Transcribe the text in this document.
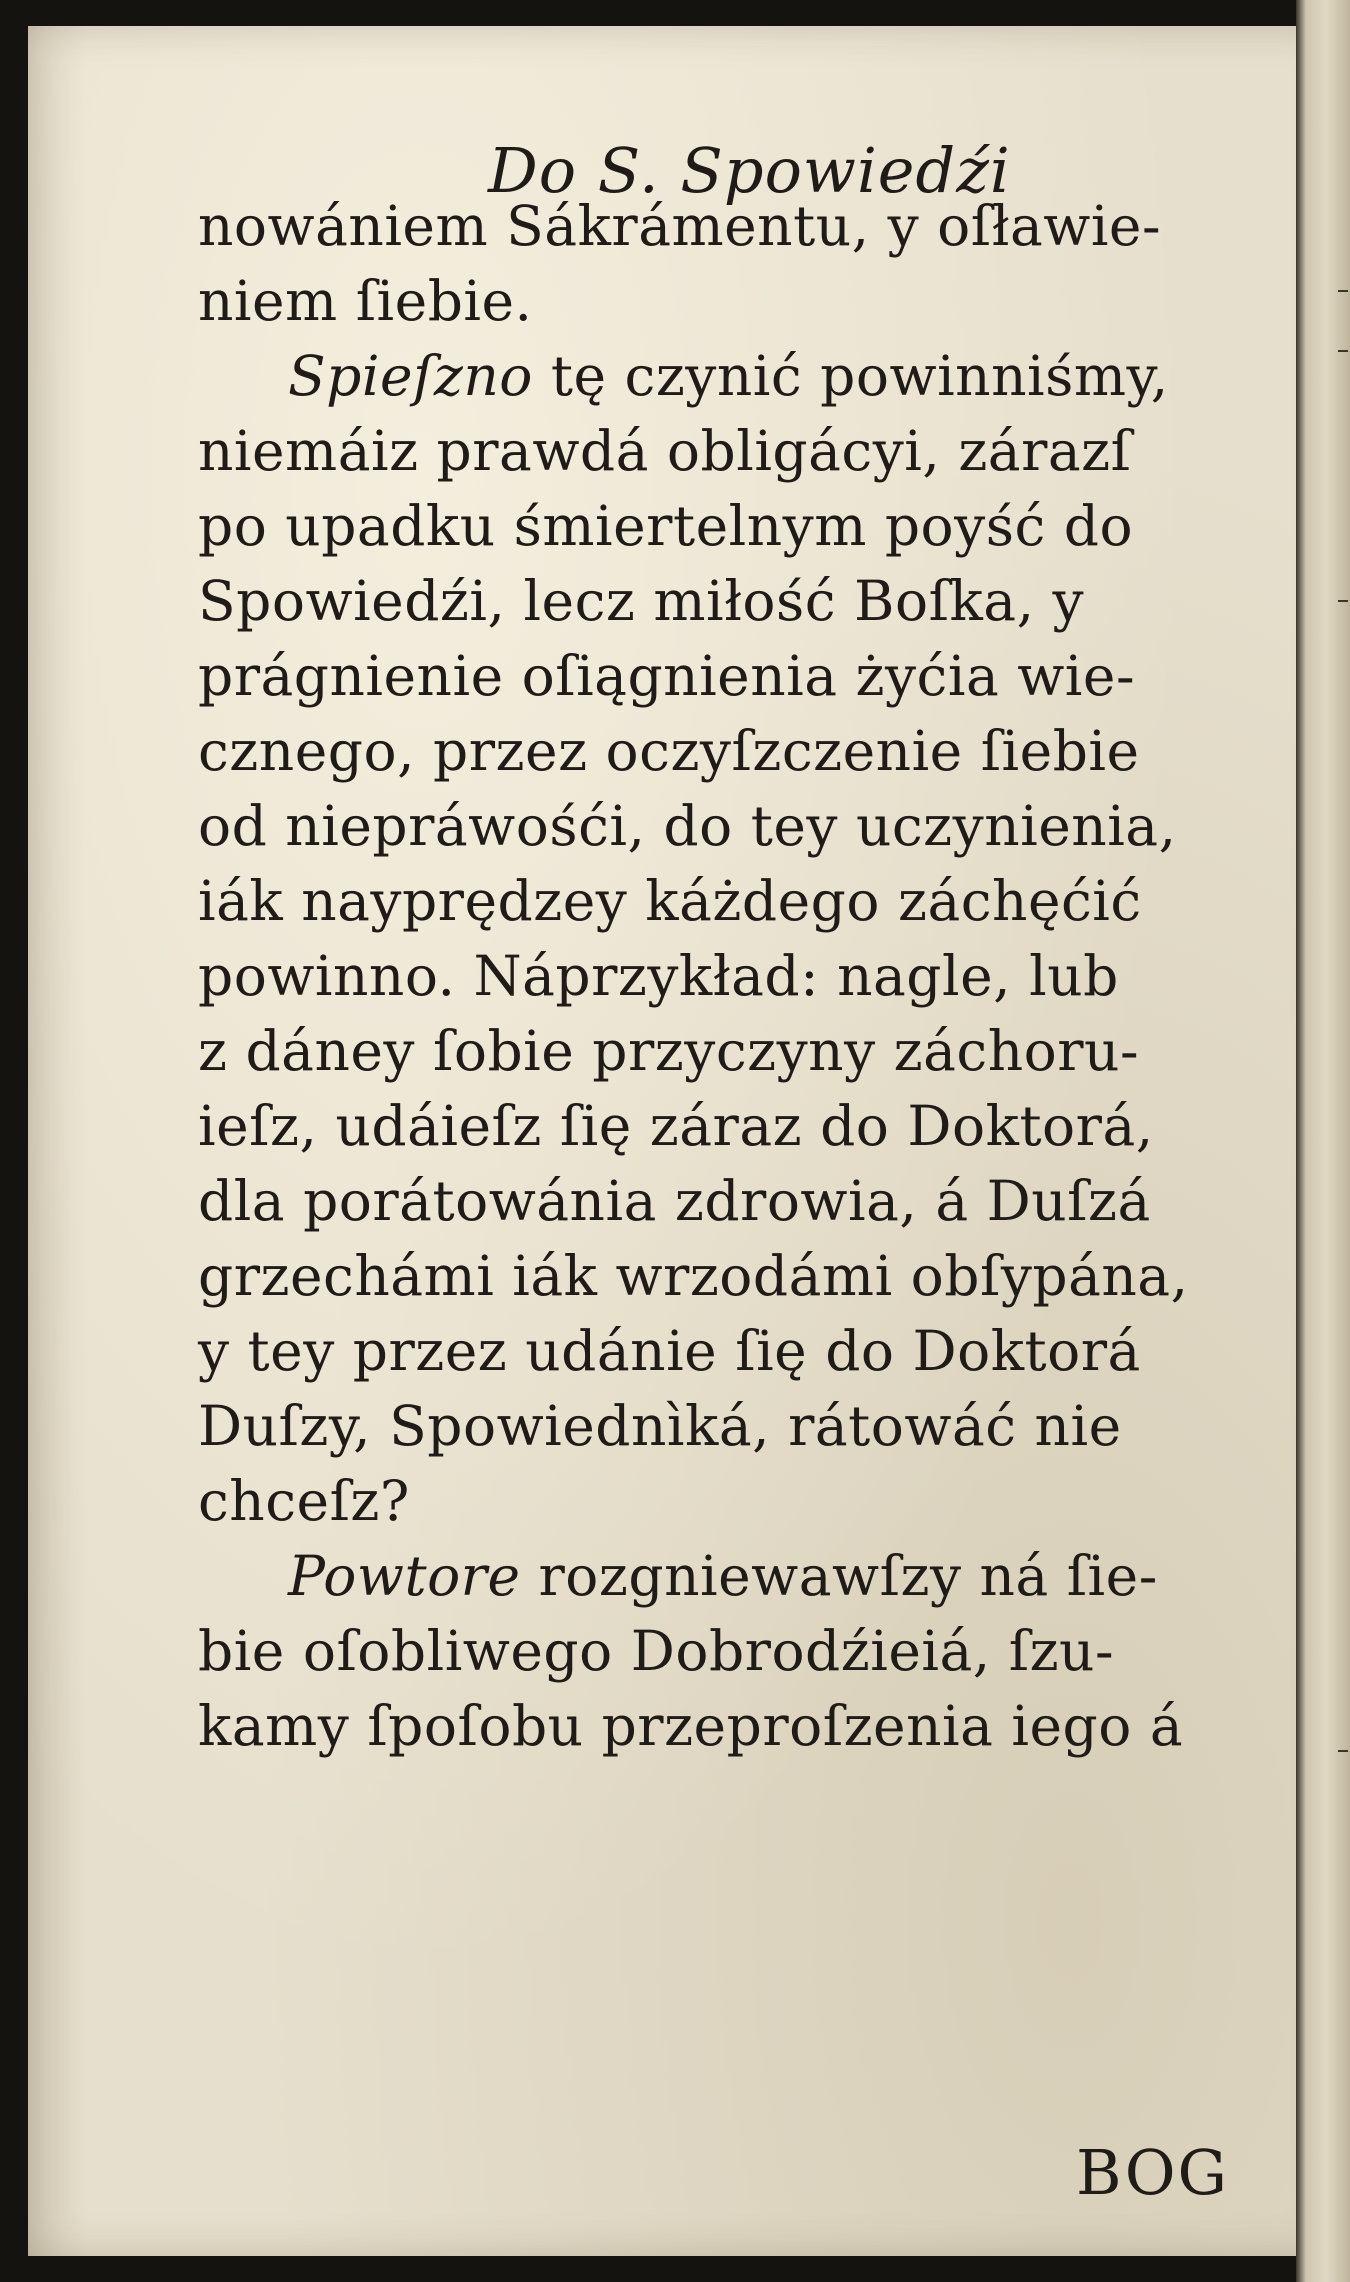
Do S. Spowiedźi
nowániem Sákrámentu, y oſławie-
niem ſiebie.
Spieſzno tę czynić powinniśmy,
niemáiz prawdá obligácyi, zárazſ
po upadku śmiertelnym poyść do
Spowiedźi, lecz miłość Boſka, y
prágnienie oſiągnienia żyćia wie-
cznego, przez oczyſzczenie ſiebie
od niepráwośći, do tey uczynienia,
iák nayprędzey káżdego záchęćić
powinno. Náprzykład: nagle, lub
z dáney ſobie przyczyny záchoru-
ieſz, udáieſz ſię záraz do Doktorá,
dla porátowánia zdrowia, á Duſzá
grzechámi iák wrzodámi obſypána,
y tey przez udánie ſię do Doktorá
Duſzy, Spowiednìká, rátowáć nie
chceſz?
Powtore rozgniewawſzy ná ſie-
bie oſobliwego Dobrodźieiá, ſzu-
kamy ſpoſobu przeproſzenia iego á
BOG
